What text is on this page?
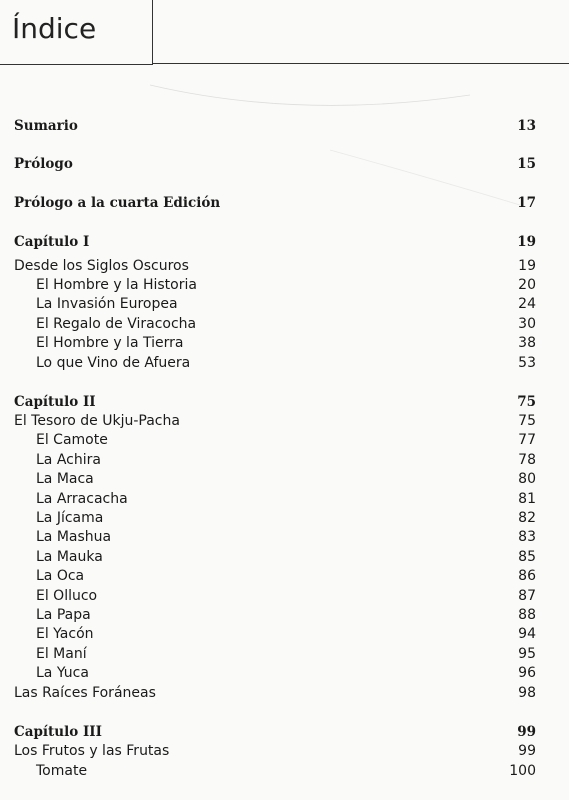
Índice
Sumario	13
Prólogo	15
Prólogo a la cuarta Edición	17
Capítulo I	19
Desde los Siglos Oscuros	19
El Hombre y la Historia	20
La Invasión Europea	24
El Regalo de Viracocha	30
El Hombre y la Tierra	38
Lo que Vino de Afuera	53
Capítulo II	75
El Tesoro de Ukju-Pacha	75
El Camote	77
La Achira	78
La Maca	80
La Arracacha	81
La Jícama	82
La Mashua	83
La Mauka	85
La Oca	86
El Olluco	87
La Papa	88
El Yacón	94
El Maní	95
La Yuca	96
Las Raíces Foráneas	98
Capítulo III	99
Los Frutos y las Frutas	99
Tomate	100
